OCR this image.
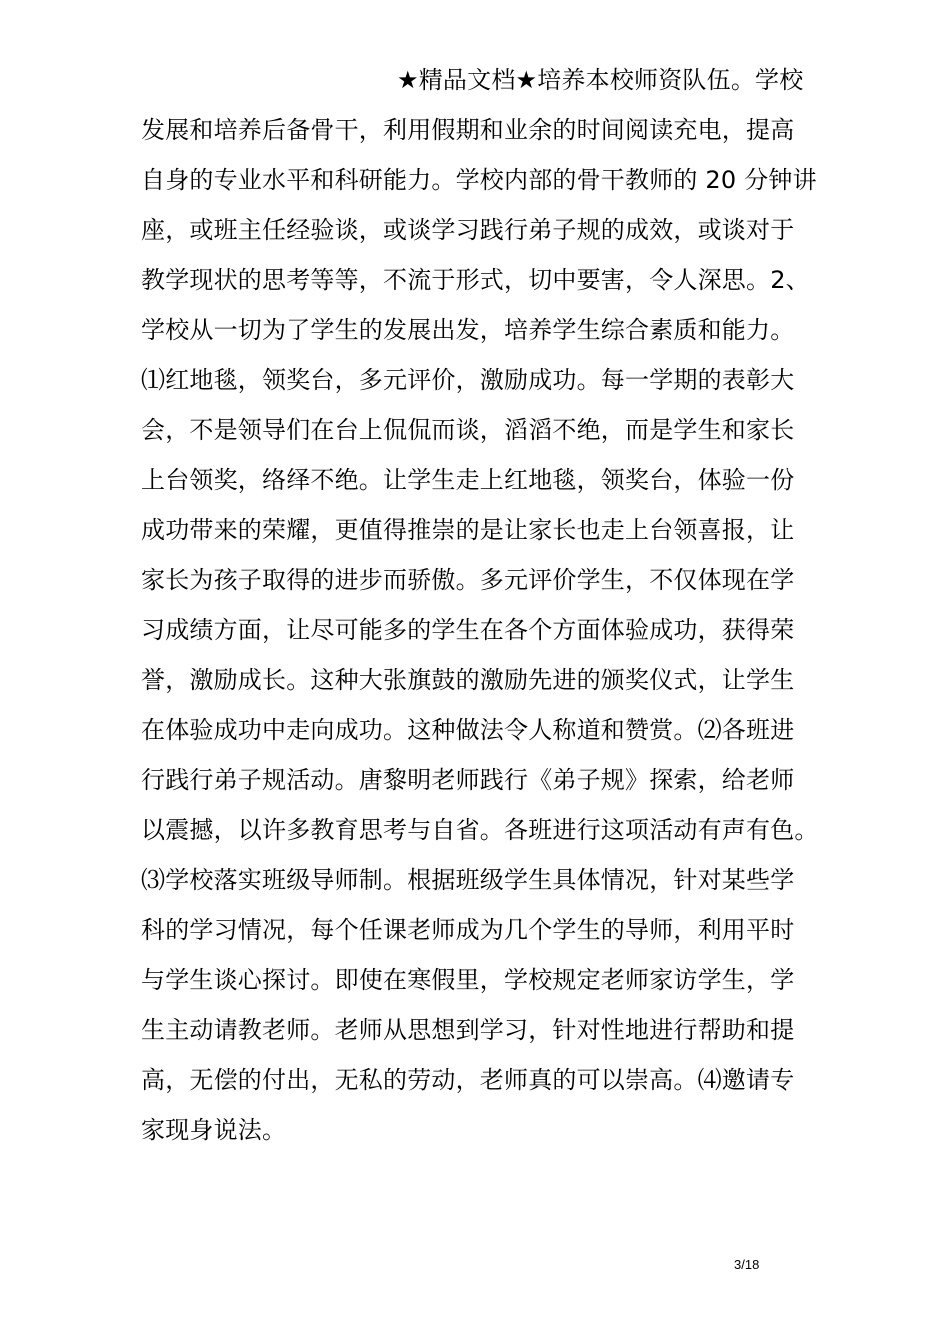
★精品文档★培养本校师资队伍。学校
发展和培养后备骨干，利用假期和业余的时间阅读充电，提高
自身的专业水平和科研能力。学校内部的骨干教师的 20 分钟讲
座，或班主任经验谈，或谈学习践行弟子规的成效，或谈对于
教学现状的思考等等，不流于形式，切中要害，令人深思。2、
学校从一切为了学生的发展出发，培养学生综合素质和能力。
⑴红地毯，领奖台，多元评价，激励成功。每一学期的表彰大
会，不是领导们在台上侃侃而谈，滔滔不绝，而是学生和家长
上台领奖，络绎不绝。让学生走上红地毯，领奖台，体验一份
成功带来的荣耀，更值得推崇的是让家长也走上台领喜报，让
家长为孩子取得的进步而骄傲。多元评价学生，不仅体现在学
习成绩方面，让尽可能多的学生在各个方面体验成功，获得荣
誉，激励成长。这种大张旗鼓的激励先进的颁奖仪式，让学生
在体验成功中走向成功。这种做法令人称道和赞赏。⑵各班进
行践行弟子规活动。唐黎明老师践行《弟子规》探索，给老师
以震撼，以许多教育思考与自省。各班进行这项活动有声有色。
⑶学校落实班级导师制。根据班级学生具体情况，针对某些学
科的学习情况，每个任课老师成为几个学生的导师，利用平时
与学生谈心探讨。即使在寒假里，学校规定老师家访学生，学
生主动请教老师。老师从思想到学习，针对性地进行帮助和提
高，无偿的付出，无私的劳动，老师真的可以崇高。⑷邀请专
家现身说法。
3/18
